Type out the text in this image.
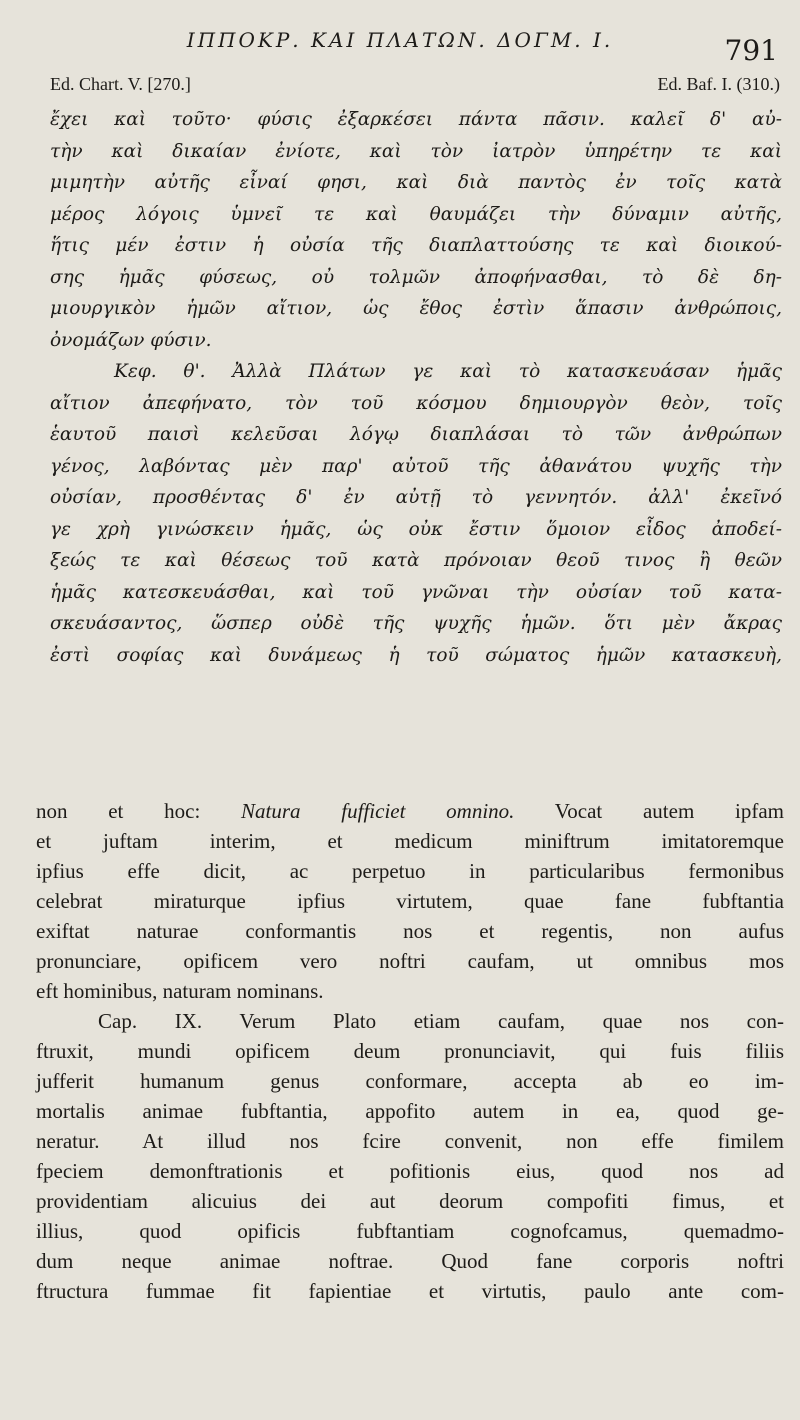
ΙΠΠΟΚΡ. ΚΑΙ ΠΛΑΤΩΝ. ΔΟΓΜ. Ι.	791
Ed. Chart. V. [270.]	Ed. Baf. I. (310.)
ἔχει καὶ τοῦτο· φύσις ἐξαρκέσει πάντα πᾶσιν. καλεῖ δ' αὐ-
τὴν καὶ δικαίαν ἐνίοτε, καὶ τὸν ἰατρὸν ὑπηρέτην τε καὶ
μιμητὴν αὐτῆς εἶναί φησι, καὶ διὰ παντὸς ἐν τοῖς κατὰ
μέρος λόγοις ὑμνεῖ τε καὶ θαυμάζει τὴν δύναμιν αὐτῆς,
ἥτις μέν ἐστιν ἡ οὐσία τῆς διαπλαττούσης τε καὶ διοικού-
σης ἡμᾶς φύσεως, οὐ τολμῶν ἀποφήνασθαι, τὸ δὲ δη-
μιουργικὸν ἡμῶν αἴτιον, ὡς ἔθος ἐστὶν ἅπασιν ἀνθρώποις,
ὀνομάζων φύσιν.
Κεφ. θ'. Ἀλλὰ Πλάτων γε καὶ τὸ κατασκευάσαν ἡμᾶς
αἴτιον ἀπεφήνατο, τὸν τοῦ κόσμου δημιουργὸν θεὸν, τοῖς
ἑαυτοῦ παισὶ κελεῦσαι λόγῳ διαπλάσαι τὸ τῶν ἀνθρώπων
γένος, λαβόντας μὲν παρ' αὐτοῦ τῆς ἀθανάτου ψυχῆς τὴν
οὐσίαν, προσθέντας δ' ἐν αὐτῇ τὸ γεννητόν. ἀλλ' ἐκεῖνό
γε χρὴ γινώσκειν ἡμᾶς, ὡς οὐκ ἔστιν ὅμοιον εἶδος ἀποδεί-
ξεώς τε καὶ θέσεως τοῦ κατὰ πρόνοιαν θεοῦ τινος ἢ θεῶν
ἡμᾶς κατεσκευάσθαι, καὶ τοῦ γνῶναι τὴν οὐσίαν τοῦ κατα-
σκευάσαντος, ὥσπερ οὐδὲ τῆς ψυχῆς ἡμῶν. ὅτι μὲν ἄκρας
ἐστὶ σοφίας καὶ δυνάμεως ἡ τοῦ σώματος ἡμῶν κατασκευὴ,
non et hoc: Natura fufficiet omnino. Vocat autem ipfam
et juftam interim, et medicum miniftrum imitatoremque
ipfius effe dicit, ac perpetuo in particularibus fermonibus
celebrat miraturque ipfius virtutem, quae fane fubftantia
exiftat naturae conformantis nos et regentis, non aufus
pronunciare, opificem vero noftri caufam, ut omnibus mos
eft hominibus, naturam nominans.
Cap. IX. Verum Plato etiam caufam, quae nos con-
ftruxit, mundi opificem deum pronunciavit, qui fuis filiis
jufferit humanum genus conformare, accepta ab eo im-
mortalis animae fubftantia, appofito autem in ea, quod ge-
neratur. At illud nos fcire convenit, non effe fimilem
fpeciem demonftrationis et pofitionis eius, quod nos ad
providentiam alicuius dei aut deorum compofiti fimus, et
illius, quod opificis fubftantiam cognofcamus, quemadmo-
dum neque animae noftrae. Quod fane corporis noftri
ftructura fummae fit fapientiae et virtutis, paulo ante com-
